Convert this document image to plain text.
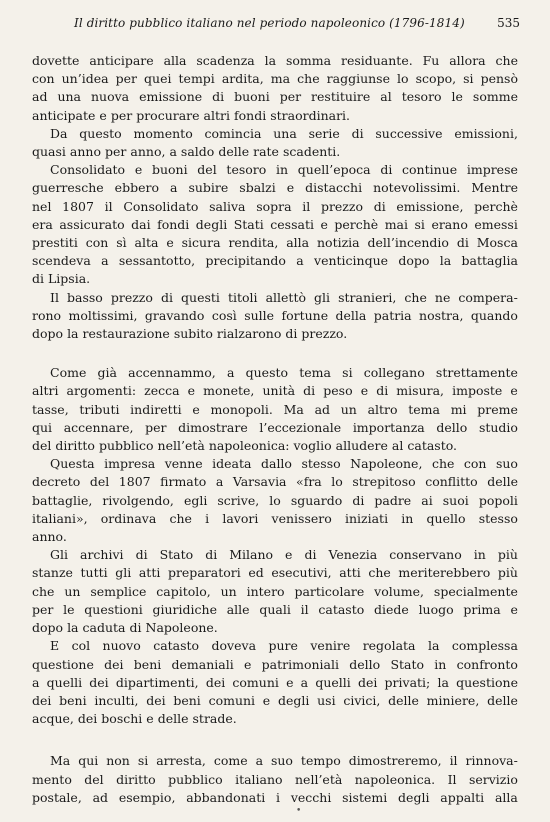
Il diritto pubblico italiano nel periodo napoleonico (1796-1814)	535
dovette anticipare alla scadenza la somma residuante. Fu allora che
con un’idea per quei tempi ardita, ma che raggiunse lo scopo, si pensò
ad una nuova emissione di buoni per restituire al tesoro le somme
anticipate e per procurare altri fondi straordinari.
Da questo momento comincia una serie di successive emissioni,
quasi anno per anno, a saldo delle rate scadenti.
Consolidato e buoni del tesoro in quell’epoca di continue imprese
guerresche ebbero a subire sbalzi e distacchi notevolissimi. Mentre
nel 1807 il Consolidato saliva sopra il prezzo di emissione, perchè
era assicurato dai fondi degli Stati cessati e perchè mai si erano emessi
prestiti con sì alta e sicura rendita, alla notizia dell’incendio di Mosca
scendeva a sessantotto, precipitando a venticinque dopo la battaglia
di Lipsia.
Il basso prezzo di questi titoli allettò gli stranieri, che ne compera-
rono moltissimi, gravando così sulle fortune della patria nostra, quando
dopo la restaurazione subito rialzarono di prezzo.
Come già accennammo, a questo tema si collegano strettamente
altri argomenti: zecca e monete, unità di peso e di misura, imposte e
tasse, tributi indiretti e monopoli. Ma ad un altro tema mi preme
qui accennare, per dimostrare l’eccezionale importanza dello studio
del diritto pubblico nell’età napoleonica: voglio alludere al catasto.
Questa impresa venne ideata dallo stesso Napoleone, che con suo
decreto del 1807 firmato a Varsavia «fra lo strepitoso conflitto delle
battaglie, rivolgendo, egli scrive, lo sguardo di padre ai suoi popoli
italiani», ordinava che i lavori venissero iniziati in quello stesso
anno.
Gli archivi di Stato di Milano e di Venezia conservano in più
stanze tutti gli atti preparatori ed esecutivi, atti che meriterebbero più
che un semplice capitolo, un intero particolare volume, specialmente
per le questioni giuridiche alle quali il catasto diede luogo prima e
dopo la caduta di Napoleone.
E col nuovo catasto doveva pure venire regolata la complessa
questione dei beni demaniali e patrimoniali dello Stato in confronto
a quelli dei dipartimenti, dei comuni e a quelli dei privati; la questione
dei beni inculti, dei beni comuni e degli usi civici, delle miniere, delle
acque, dei boschi e delle strade.
Ma qui non si arresta, come a suo tempo dimostreremo, il rinnova-
mento del diritto pubblico italiano nell’età napoleonica. Il servizio
postale, ad esempio, abbandonati i vecchi sistemi degli appalti alla
•
